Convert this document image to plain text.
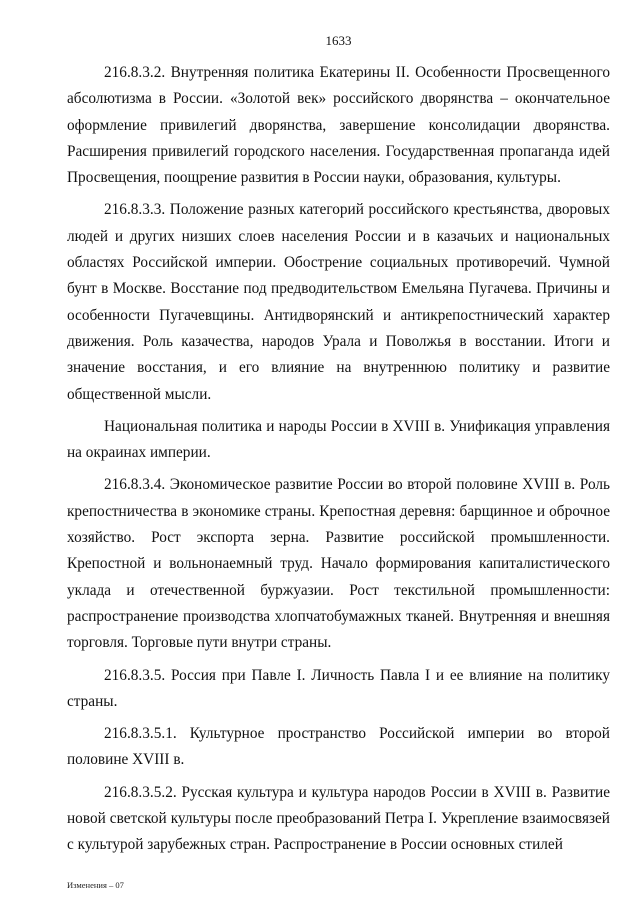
1633

216.8.3.2. Внутренняя политика Екатерины II. Особенности Просвещенного абсолютизма в России. «Золотой век» российского дворянства – окончательное оформление привилегий дворянства, завершение консолидации дворянства. Расширения привилегий городского населения. Государственная пропаганда идей Просвещения, поощрение развития в России науки, образования, культуры.

216.8.3.3. Положение разных категорий российского крестьянства, дворовых людей и других низших слоев населения России и в казачьих и национальных областях Российской империи. Обострение социальных противоречий. Чумной бунт в Москве. Восстание под предводительством Емельяна Пугачева. Причины и особенности Пугачевщины. Антидворянский и антикрепостнический характер движения. Роль казачества, народов Урала и Поволжья в восстании. Итоги и значение восстания, и его влияние на внутреннюю политику и развитие общественной мысли.

Национальная политика и народы России в XVIII в. Унификация управления на окраинах империи.

216.8.3.4. Экономическое развитие России во второй половине XVIII в. Роль крепостничества в экономике страны. Крепостная деревня: барщинное и оброчное хозяйство. Рост экспорта зерна. Развитие российской промышленности. Крепостной и вольнонаемный труд. Начало формирования капиталистического уклада и отечественной буржуазии. Рост текстильной промышленности: распространение производства хлопчатобумажных тканей. Внутренняя и внешняя торговля. Торговые пути внутри страны.

216.8.3.5. Россия при Павле I. Личность Павла I и ее влияние на политику страны.

216.8.3.5.1. Культурное пространство Российской империи во второй половине XVIII в.

216.8.3.5.2. Русская культура и культура народов России в XVIII в. Развитие новой светской культуры после преобразований Петра I. Укрепление взаимосвязей с культурой зарубежных стран. Распространение в России основных стилей

Изменения – 07
